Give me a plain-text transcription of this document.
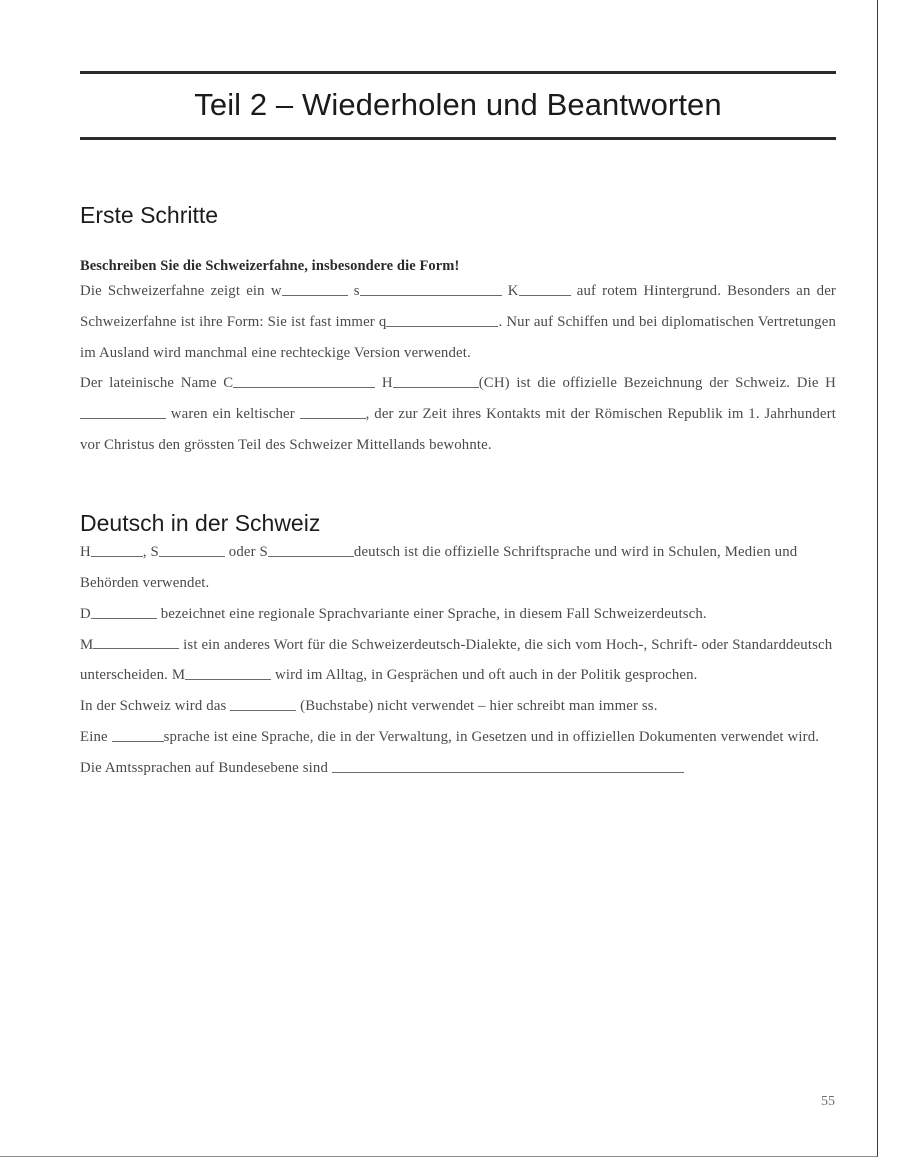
Teil 2 – Wiederholen und Beantworten
Erste Schritte

Beschreiben Sie die Schweizerfahne, insbesondere die Form!

Die Schweizerfahne zeigt ein w	s	K	auf rotem Hintergrund. Besonders an der Schweizerfahne ist ihre Form: Sie ist fast immer q	. Nur auf Schiffen und bei diplomatischen Vertretungen im Ausland wird manchmal eine rechteckige Version verwendet.

Der lateinische Name C	H	(CH) ist die offizielle Bezeichnung der Schweiz. Die H waren ein keltischer	, der zur Zeit ihres Kontakts mit der Römischen Republik im 1. Jahrhundert vor Christus den grössten Teil des Schweizer Mittellands bewohnte.

Deutsch in der Schweiz

H	, S	oder S	deutsch ist die offizielle Schriftsprache und wird in Schulen, Medien und Behörden verwendet.

D	bezeichnet eine regionale Sprachvariante einer Sprache, in diesem Fall Schweizerdeutsch.

M	ist ein anderes Wort für die Schweizerdeutsch-Dialekte, die sich vom Hoch-, Schrift- oder Standarddeutsch unterscheiden. M	wird im Alltag, in Gesprächen und oft auch in der Politik gesprochen.

In der Schweiz wird das	(Buchstabe) nicht verwendet – hier schreibt man immer ss.

Eine	sprache ist eine Sprache, die in der Verwaltung, in Gesetzen und in offiziellen Dokumenten verwendet wird.

Die Amtssprachen auf Bundesebene sind

55
